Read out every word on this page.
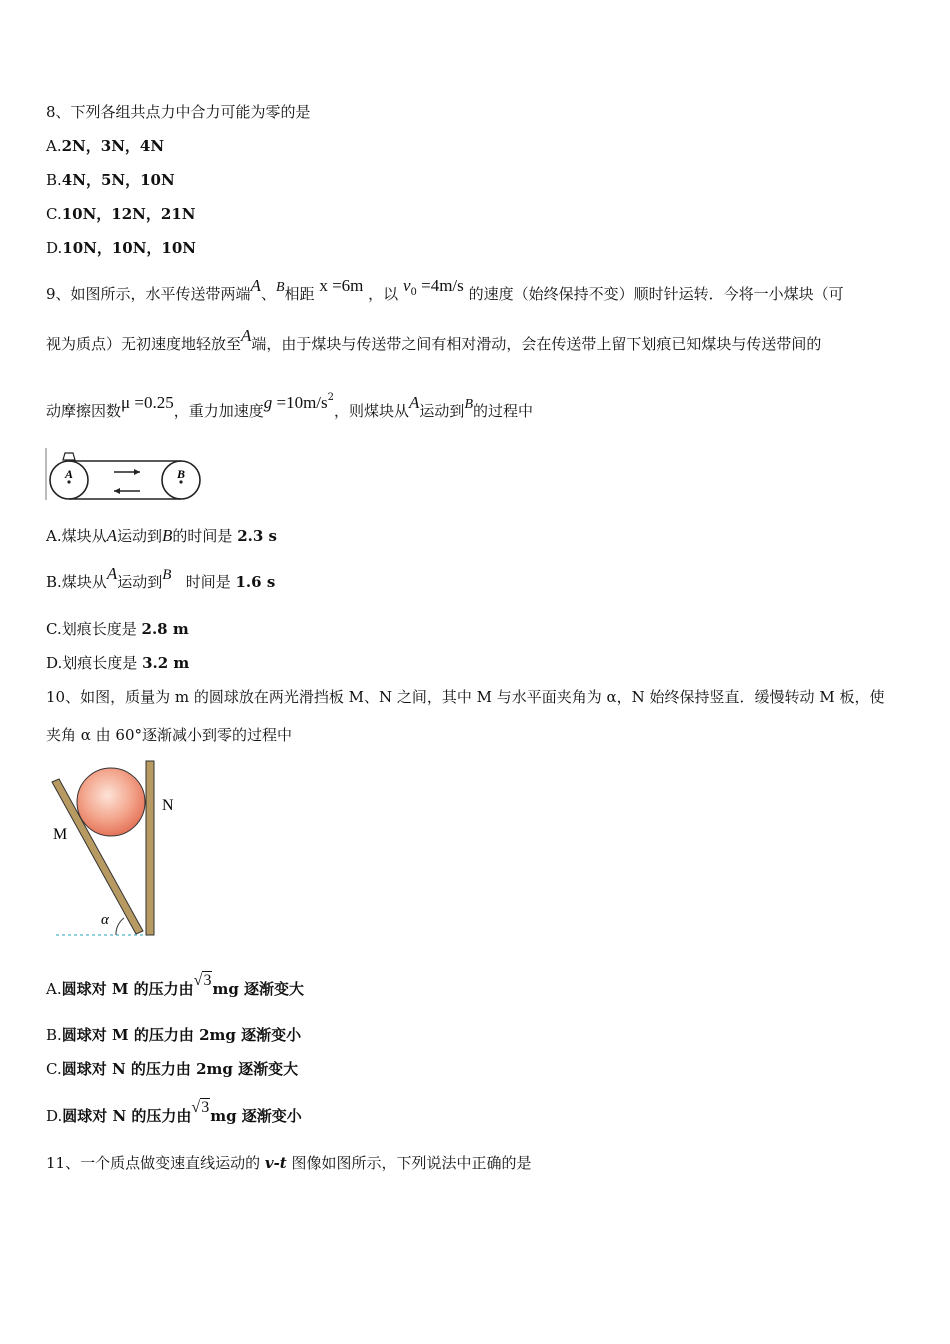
8、下列各组共点力中合力可能为零的是
A.2N，3N，4N
B.4N，5N，10N
C.10N，12N，21N
D.10N，10N，10N
9、如图所示，水平传送带两端A、B相距 x =6m ，以 $v_0 =4m/s$ 的速度（始终保持不变）顺时针运转．今将一小煤块（可
视为质点）无初速度地轻放至A端，由于煤块与传送带之间有相对滑动，会在传送带上留下划痕已知煤块与传送带间的
动摩擦因数μ =0.25，重力加速度$g =10m/s^2$，则煤块从A运动到B的过程中
A	B
A.煤块从A运动到B的时间是 2.3 s
B.煤块从A运动到B 时间是 1.6 s
C.划痕长度是 2.8 m
D.划痕长度是 3.2 m
10、如图，质量为 m 的圆球放在两光滑挡板 M、N 之间，其中 M 与水平面夹角为 α，N 始终保持竖直．缓慢转动 M 板，使
夹角 α 由 60°逐渐减小到零的过程中
N
M
α
A.圆球对 M 的压力由√3mg 逐渐变大
B.圆球对 M 的压力由 2mg 逐渐变小
C.圆球对 N 的压力由 2mg 逐渐变大
D.圆球对 N 的压力由√3mg 逐渐变小
11、一个质点做变速直线运动的 v-t 图像如图所示，下列说法中正确的是
